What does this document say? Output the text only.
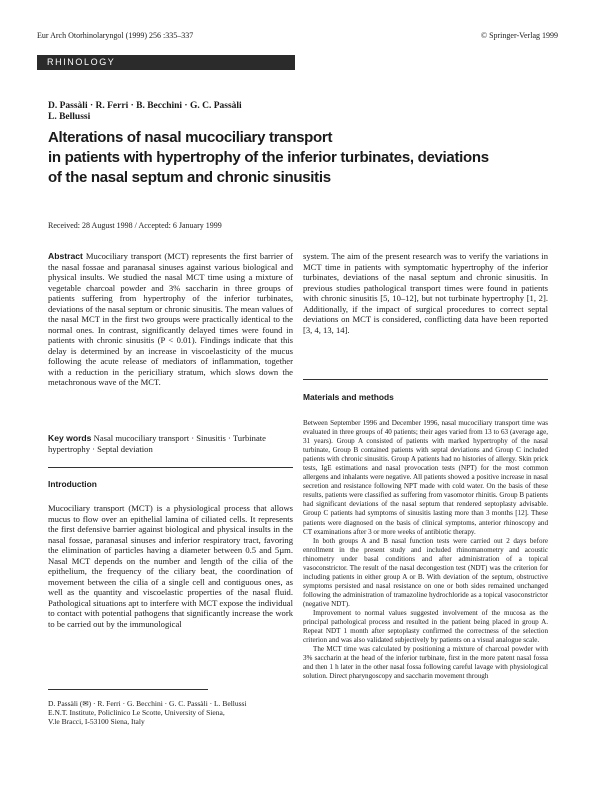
Eur Arch Otorhinolaryngol (1999) 256 :335–337	© Springer-Verlag 1999
RHINOLOGY
D. Passàli · R. Ferri · B. Becchini · G. C. Passàli
L. Bellussi
Alterations of nasal mucociliary transport
in patients with hypertrophy of the inferior turbinates, deviations
of the nasal septum and chronic sinusitis
Received: 28 August 1998 / Accepted: 6 January 1999

Abstract Mucociliary transport (MCT) represents the first barrier of the nasal fossae and paranasal sinuses against various biological and physical insults. We studied the nasal MCT time using a mixture of vegetable charcoal powder and 3% saccharin in three groups of patients suffering from hypertrophy of the inferior turbinates, deviations of the nasal septum or chronic sinusitis. The mean values of the nasal MCT in the first two groups were practically identical to the normal ones. In contrast, significantly delayed times were found in patients with chronic sinusitis (P < 0.01). Findings indicate that this delay is determined by an increase in viscoelasticity of the mucus following the acute release of mediators of inflammation, together with a reduction in the periciliary stratum, which slows down the metachronous wave of the MCT.

Key words Nasal mucociliary transport · Sinusitis · Turbinate hypertrophy · Septal deviation

Introduction

Mucociliary transport (MCT) is a physiological process that allows mucus to flow over an epithelial lamina of ciliated cells. It represents the first defensive barrier against biological and physical insults in the nasal fossae, paranasal sinuses and inferior respiratory tract, favoring the elimination of particles having a diameter between 0.5 and 5µm. Nasal MCT depends on the number and length of the cilia of the epithelium, the frequency of the ciliary beat, the coordination of movement between the cilia of a single cell and contiguous ones, as well as the quantity and viscoelastic properties of the nasal fluid. Pathological situations apt to interfere with MCT expose the individual to contact with potential pathogens that significantly increase the work to be carried out by the immunological

D. Passàli (✉) · R. Ferri · G. Becchini · G. C. Passàli · L. Bellussi
E.N.T. Institute, Policlinico Le Scotte, University of Siena,
V.le Bracci, I-53100 Siena, Italy

system. The aim of the present research was to verify the variations in MCT time in patients with symptomatic hypertrophy of the inferior turbinates, deviations of the nasal septum and chronic sinusitis. In previous studies pathological transport times were found in patients with chronic sinusitis [5, 10–12], but not turbinate hypertrophy [1, 2]. Additionally, if the impact of surgical procedures to correct septal deviations on MCT is considered, conflicting data have been reported [3, 4, 13, 14].

Materials and methods

Between September 1996 and December 1996, nasal mucociliary transport time was evaluated in three groups of 40 patients; their ages varied from 13 to 63 (average age, 31 years). Group A consisted of patients with marked hypertrophy of the nasal turbinate, Group B contained patients with septal deviations and Group C included patients with chronic sinusitis. Group A patients had no histories of allergy. Skin prick tests, IgE estimations and nasal provocation tests (NPT) for the most common allergens and inhalants were negative. All patients showed a positive increase in nasal secretion and resistance following NPT made with cold water. On the basis of these results, patients were classified as suffering from vasomotor rhinitis. Group B patients had significant deviations of the nasal septum that rendered septoplasty advisable. Group C patients had symptoms of sinusitis lasting more than 3 months [12]. These patients were diagnosed on the basis of clinical symptoms, anterior rhinoscopy and CT examinations after 3 or more weeks of antibiotic therapy.

In both groups A and B nasal function tests were carried out 2 days before enrollment in the present study and included rhinomanometry and acoustic rhinometry under basal conditions and after administration of a topical vasoconstrictor. The result of the nasal decongestion test (NDT) was the criterion for including patients in either group A or B. With deviation of the septum, obstructive symptoms persisted and nasal resistance on one or both sides remained unchanged following the administration of tramazoline hydrochloride as a topical vasoconstrictor (negative NDT).

Improvement to normal values suggested involvement of the mucosa as the principal pathological process and resulted in the patient being placed in group A. Repeat NDT 1 month after septoplasty confirmed the correctness of the selection criterion and was also validated subjectively by patients on a visual analogue scale.

The MCT time was calculated by positioning a mixture of charcoal powder with 3% saccharin at the head of the inferior turbinate, first in the more patent nasal fossa and then 1 h later in the other nasal fossa following careful lavage with physiological solution. Direct pharyngoscopy and saccharin movement through
